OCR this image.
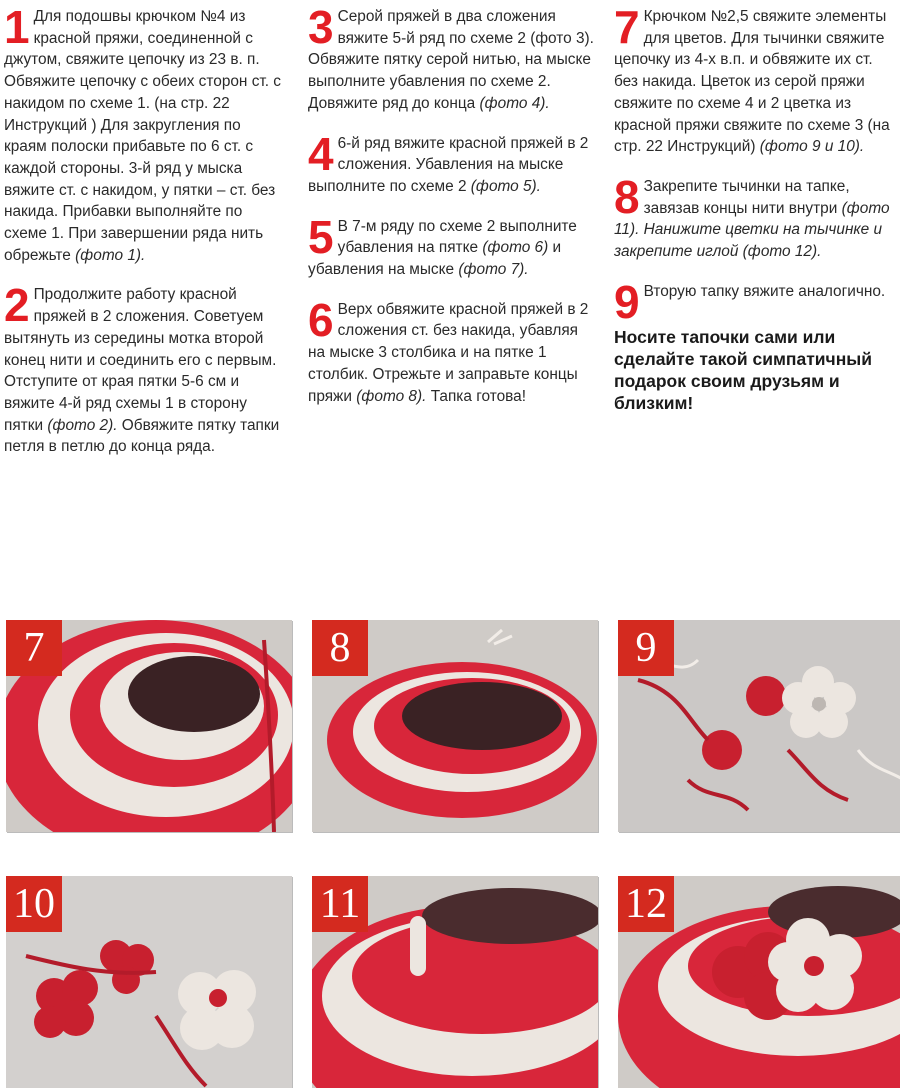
1 Для подошвы крючком №4 из красной пряжи, соединенной с джутом, свяжите цепочку из 23 в. п. Обвяжите цепочку с обеих сторон ст. с накидом по схеме 1. (на стр. 22 Инструкций ) Для закругления по краям полоски прибавьте по 6 ст. с каждой стороны. 3-й ряд у мыска вяжите ст. с накидом, у пятки – ст. без накида. Прибавки выполняйте по схеме 1. При завершении ряда нить обрежьте (фото 1).
2 Продолжите работу красной пряжей в 2 сложения. Советуем вытянуть из середины мотка второй конец нити и соединить его с первым. Отступите от края пятки 5-6 см и вяжите 4-й ряд схемы 1 в сторону пятки (фото 2). Обвяжите пятку тапки петля в петлю до конца ряда.
3 Серой пряжей в два сложения вяжите 5-й ряд по схеме 2 (фото 3). Обвяжите пятку серой нитью, на мыске выполните убавления по схеме 2. Довяжите ряд до конца (фото 4).
4 6-й ряд вяжите красной пряжей в 2 сложения. Убавления на мыске выполните по схеме 2 (фото 5).
5 В 7-м ряду по схеме 2 выполните убавления на пятке (фото 6) и убавления на мыске (фото 7).
6 Верх обвяжите красной пряжей в 2 сложения ст. без накида, убавляя на мыске 3 столбика и на пятке 1 столбик. Отрежьте и заправьте концы пряжи (фото 8). Тапка готова!
7 Крючком №2,5 свяжите элементы для цветов. Для тычинки свяжите цепочку из 4-х в.п. и обвяжите их ст. без накида. Цветок из серой пряжи свяжите по схеме 4 и 2 цветка из красной пряжи свяжите по схеме 3 (на стр. 22 Инструкций) (фото 9 и 10).
8 Закрепите тычинки на тапке, завязав концы нити внутри (фото 11). Нанижите цветки на тычинке и закрепите иглой (фото 12).
9 Вторую тапку вяжите аналогично.
Носите тапочки сами или сделайте такой симпатичный подарок своим друзьям и близким!
7	8	9
10	11	12
